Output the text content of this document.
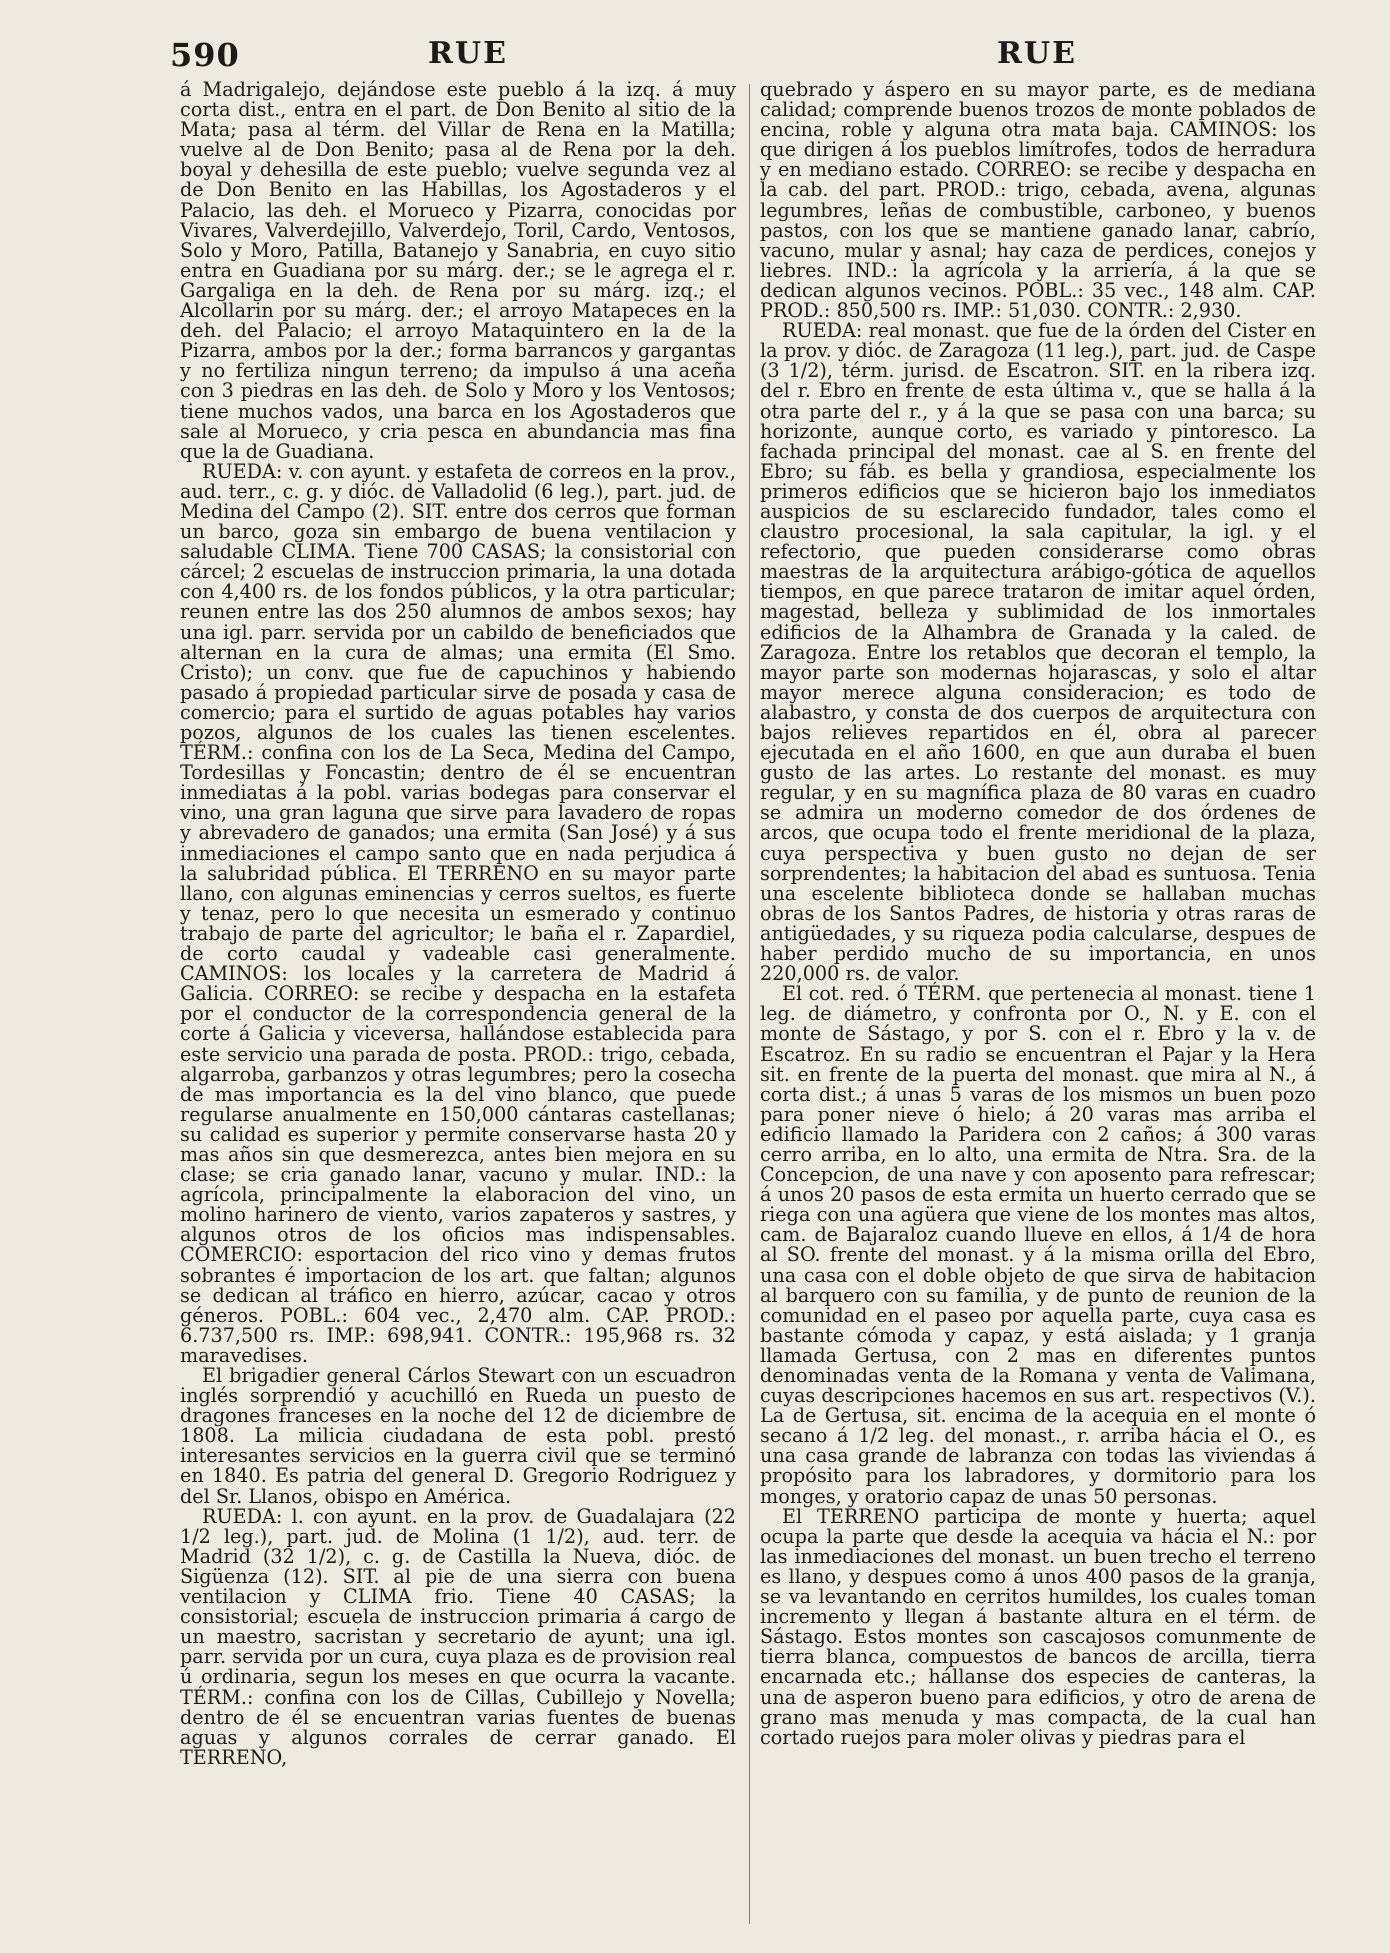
590	RUE	RUE

á Madrigalejo, dejándose este pueblo á la izq. á muy corta dist., entra en el part. de Don Benito al sitio de la Mata; pasa al térm. del Villar de Rena en la Matilla; vuelve al de Don Benito; pasa al de Rena por la deh. boyal y dehesilla de este pueblo; vuelve segunda vez al de Don Benito en las Habillas, los Agostaderos y el Palacio, las deh. el Morueco y Pizarra, conocidas por Vivares, Valverdejillo, Valverdejo, Toril, Cardo, Ventosos, Solo y Moro, Patilla, Batanejo y Sanabria, en cuyo sitio entra en Guadiana por su márg. der.; se le agrega el r. Gargaliga en la deh. de Rena por su márg. izq.; el Alcollarin por su márg. der.; el arroyo Matapeces en la deh. del Palacio; el arroyo Mataquintero en la de la Pizarra, ambos por la der.; forma barrancos y gargantas y no fertiliza ningun terreno; da impulso á una aceña con 3 piedras en las deh. de Solo y Moro y los Ventosos; tiene muchos vados, una barca en los Agostaderos que sale al Morueco, y cria pesca en abundancia mas fina que la de Guadiana.

RUEDA: v. con ayunt. y estafeta de correos en la prov., aud. terr., c. g. y dióc. de Valladolid (6 leg.), part. jud. de Medina del Campo (2). SIT. entre dos cerros que forman un barco, goza sin embargo de buena ventilacion y saludable CLIMA. Tiene 700 CASAS; la consistorial con cárcel; 2 escuelas de instruccion primaria, la una dotada con 4,400 rs. de los fondos públicos, y la otra particular; reunen entre las dos 250 alumnos de ambos sexos; hay una igl. parr. servida por un cabildo de beneficiados que alternan en la cura de almas; una ermita (El Smo. Cristo); un conv. que fue de capuchinos y habiendo pasado á propiedad particular sirve de posada y casa de comercio; para el surtido de aguas potables hay varios pozos, algunos de los cuales las tienen escelentes. TÉRM.: confina con los de La Seca, Medina del Campo, Tordesillas y Foncastin; dentro de él se encuentran inmediatas á la pobl. varias bodegas para conservar el vino, una gran laguna que sirve para lavadero de ropas y abrevadero de ganados; una ermita (San José) y á sus inmediaciones el campo santo que en nada perjudica á la salubridad pública. El TERRENO en su mayor parte llano, con algunas eminencias y cerros sueltos, es fuerte y tenaz, pero lo que necesita un esmerado y continuo trabajo de parte del agricultor; le baña el r. Zapardiel, de corto caudal y vadeable casi generalmente. CAMINOS: los locales y la carretera de Madrid á Galicia. CORREO: se recibe y despacha en la estafeta por el conductor de la correspondencia general de la corte á Galicia y viceversa, hallándose establecida para este servicio una parada de posta. PROD.: trigo, cebada, algarroba, garbanzos y otras legumbres; pero la cosecha de mas importancia es la del vino blanco, que puede regularse anualmente en 150,000 cántaras castellanas; su calidad es superior y permite conservarse hasta 20 y mas años sin que desmerezca, antes bien mejora en su clase; se cria ganado lanar, vacuno y mular. IND.: la agrícola, principalmente la elaboracion del vino, un molino harinero de viento, varios zapateros y sastres, y algunos otros de los oficios mas indispensables. COMERCIO: esportacion del rico vino y demas frutos sobrantes é importacion de los art. que faltan; algunos se dedican al tráfico en hierro, azúcar, cacao y otros géneros. POBL.: 604 vec., 2,470 alm. CAP. PROD.: 6.737,500 rs. IMP.: 698,941. CONTR.: 195,968 rs. 32 maravedises.

El brigadier general Cárlos Stewart con un escuadron inglés sorprendió y acuchilló en Rueda un puesto de dragones franceses en la noche del 12 de diciembre de 1808. La milicia ciudadana de esta pobl. prestó interesantes servicios en la guerra civil que se terminó en 1840. Es patria del general D. Gregorio Rodriguez y del Sr. Llanos, obispo en América.

RUEDA: l. con ayunt. en la prov. de Guadalajara (22 1/2 leg.), part. jud. de Molina (1 1/2), aud. terr. de Madrid (32 1/2), c. g. de Castilla la Nueva, dióc. de Sigüenza (12). SIT. al pie de una sierra con buena ventilacion y CLIMA frio. Tiene 40 CASAS; la consistorial; escuela de instruccion primaria á cargo de un maestro, sacristan y secretario de ayunt; una igl. parr. servida por un cura, cuya plaza es de provision real ú ordinaria, segun los meses en que ocurra la vacante. TÉRM.: confina con los de Cillas, Cubillejo y Novella; dentro de él se encuentran varias fuentes de buenas aguas y algunos corrales de cerrar ganado. El TERRENO,

quebrado y áspero en su mayor parte, es de mediana calidad; comprende buenos trozos de monte poblados de encina, roble y alguna otra mata baja. CAMINOS: los que dirigen á los pueblos limítrofes, todos de herradura y en mediano estado. CORREO: se recibe y despacha en la cab. del part. PROD.: trigo, cebada, avena, algunas legumbres, leñas de combustible, carboneo, y buenos pastos, con los que se mantiene ganado lanar, cabrío, vacuno, mular y asnal; hay caza de perdices, conejos y liebres. IND.: la agrícola y la arriería, á la que se dedican algunos vecinos. POBL.: 35 vec., 148 alm. CAP. PROD.: 850,500 rs. IMP.: 51,030. CONTR.: 2,930.

RUEDA: real monast. que fue de la órden del Cister en la prov. y dióc. de Zaragoza (11 leg.), part. jud. de Caspe (3 1/2), térm. jurisd. de Escatron. SIT. en la ribera izq. del r. Ebro en frente de esta última v., que se halla á la otra parte del r., y á la que se pasa con una barca; su horizonte, aunque corto, es variado y pintoresco. La fachada principal del monast. cae al S. en frente del Ebro; su fáb. es bella y grandiosa, especialmente los primeros edificios que se hicieron bajo los inmediatos auspicios de su esclarecido fundador, tales como el claustro procesional, la sala capitular, la igl. y el refectorio, que pueden considerarse como obras maestras de la arquitectura arábigo-gótica de aquellos tiempos, en que parece trataron de imitar aquel órden, magestad, belleza y sublimidad de los inmortales edificios de la Alhambra de Granada y la caled. de Zaragoza. Entre los retablos que decoran el templo, la mayor parte son modernas hojarascas, y solo el altar mayor merece alguna consideracion; es todo de alabastro, y consta de dos cuerpos de arquitectura con bajos relieves repartidos en él, obra al parecer ejecutada en el año 1600, en que aun duraba el buen gusto de las artes. Lo restante del monast. es muy regular, y en su magnífica plaza de 80 varas en cuadro se admira un moderno comedor de dos órdenes de arcos, que ocupa todo el frente meridional de la plaza, cuya perspectiva y buen gusto no dejan de ser sorprendentes; la habitacion del abad es suntuosa. Tenia una escelente biblioteca donde se hallaban muchas obras de los Santos Padres, de historia y otras raras de antigüedades, y su riqueza podia calcularse, despues de haber perdido mucho de su importancia, en unos 220,000 rs. de valor.

El cot. red. ó TÉRM. que pertenecia al monast. tiene 1 leg. de diámetro, y confronta por O., N. y E. con el monte de Sástago, y por S. con el r. Ebro y la v. de Escatroz. En su radio se encuentran el Pajar y la Hera sit. en frente de la puerta del monast. que mira al N., á corta dist.; á unas 5 varas de los mismos un buen pozo para poner nieve ó hielo; á 20 varas mas arriba el edificio llamado la Paridera con 2 caños; á 300 varas cerro arriba, en lo alto, una ermita de Ntra. Sra. de la Concepcion, de una nave y con aposento para refrescar; á unos 20 pasos de esta ermita un huerto cerrado que se riega con una agüera que viene de los montes mas altos, cam. de Bajaraloz cuando llueve en ellos, á 1/4 de hora al SO. frente del monast. y á la misma orilla del Ebro, una casa con el doble objeto de que sirva de habitacion al barquero con su familia, y de punto de reunion de la comunidad en el paseo por aquella parte, cuya casa es bastante cómoda y capaz, y está aislada; y 1 granja llamada Gertusa, con 2 mas en diferentes puntos denominadas venta de la Romana y venta de Valimana, cuyas descripciones hacemos en sus art. respectivos (V.). La de Gertusa, sit. encima de la acequia en el monte ó secano á 1/2 leg. del monast., r. arriba hácia el O., es una casa grande de labranza con todas las viviendas á propósito para los labradores, y dormitorio para los monges, y oratorio capaz de unas 50 personas.

El TERRENO participa de monte y huerta; aquel ocupa la parte que desde la acequia va hácia el N.: por las inmediaciones del monast. un buen trecho el terreno es llano, y despues como á unos 400 pasos de la granja, se va levantando en cerritos humildes, los cuales toman incremento y llegan á bastante altura en el térm. de Sástago. Estos montes son cascajosos comunmente de tierra blanca, compuestos de bancos de arcilla, tierra encarnada etc.; hállanse dos especies de canteras, la una de asperon bueno para edificios, y otro de arena de grano mas menuda y mas compacta, de la cual han cortado ruejos para moler olivas y piedras para el
